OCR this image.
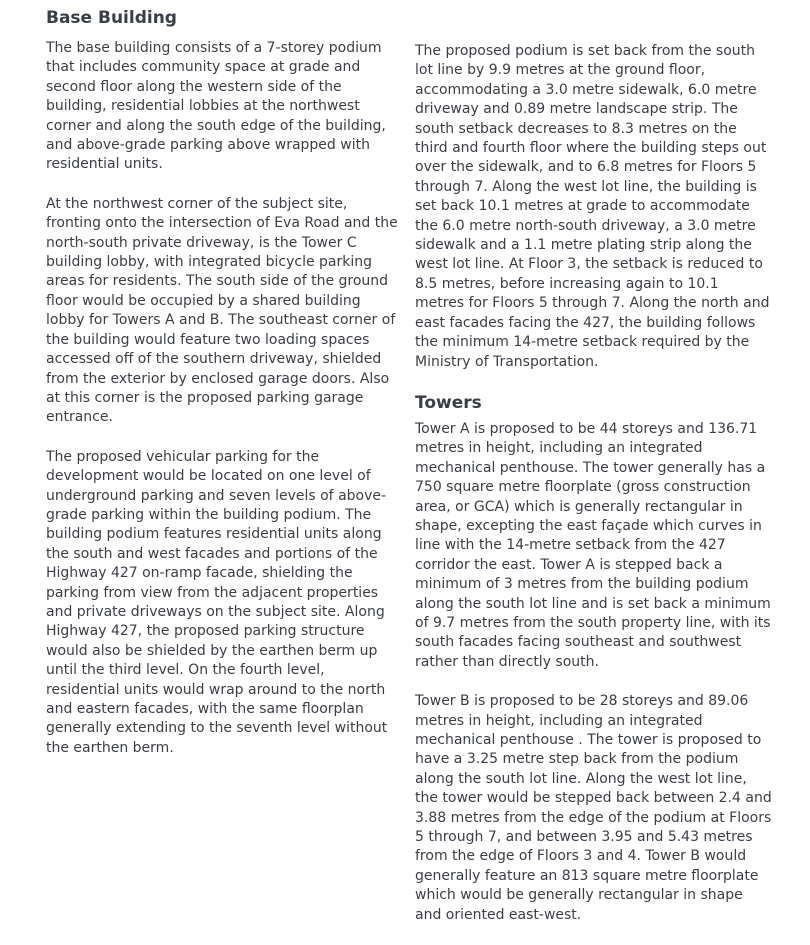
Base Building

The base building consists of a 7-storey podium that includes community space at grade and second floor along the western side of the building, residential lobbies at the northwest corner and along the south edge of the building, and above-grade parking above wrapped with residential units.

At the northwest corner of the subject site, fronting onto the intersection of Eva Road and the north-south private driveway, is the Tower C building lobby, with integrated bicycle parking areas for residents. The south side of the ground floor would be occupied by a shared building lobby for Towers A and B. The southeast corner of the building would feature two loading spaces accessed off of the southern driveway, shielded from the exterior by enclosed garage doors. Also at this corner is the proposed parking garage entrance.

The proposed vehicular parking for the development would be located on one level of underground parking and seven levels of above-grade parking within the building podium. The building podium features residential units along the south and west facades and portions of the Highway 427 on-ramp facade, shielding the parking from view from the adjacent properties and private driveways on the subject site. Along Highway 427, the proposed parking structure would also be shielded by the earthen berm up until the third level. On the fourth level, residential units would wrap around to the north and eastern facades, with the same floorplan generally extending to the seventh level without the earthen berm.

The proposed podium is set back from the south lot line by 9.9 metres at the ground floor, accommodating a 3.0 metre sidewalk, 6.0 metre driveway and 0.89 metre landscape strip. The south setback decreases to 8.3 metres on the third and fourth floor where the building steps out over the sidewalk, and to 6.8 metres for Floors 5 through 7. Along the west lot line, the building is set back 10.1 metres at grade to accommodate the 6.0 metre north-south driveway, a 3.0 metre sidewalk and a 1.1 metre plating strip along the west lot line. At Floor 3, the setback is reduced to 8.5 metres, before increasing again to 10.1 metres for Floors 5 through 7. Along the north and east facades facing the 427, the building follows the minimum 14-metre setback required by the Ministry of Transportation.

Towers

Tower A is proposed to be 44 storeys and 136.71 metres in height, including an integrated mechanical penthouse. The tower generally has a 750 square metre floorplate (gross construction area, or GCA) which is generally rectangular in shape, excepting the east façade which curves in line with the 14-metre setback from the 427 corridor the east. Tower A is stepped back a minimum of 3 metres from the building podium along the south lot line and is set back a minimum of 9.7 metres from the south property line, with its south facades facing southeast and southwest rather than directly south.

Tower B is proposed to be 28 storeys and 89.06 metres in height, including an integrated mechanical penthouse . The tower is proposed to have a 3.25 metre step back from the podium along the south lot line. Along the west lot line, the tower would be stepped back between 2.4 and 3.88 metres from the edge of the podium at Floors 5 through 7, and between 3.95 and 5.43 metres from the edge of Floors 3 and 4. Tower B would generally feature an 813 square metre floorplate which would be generally rectangular in shape and oriented east-west.
